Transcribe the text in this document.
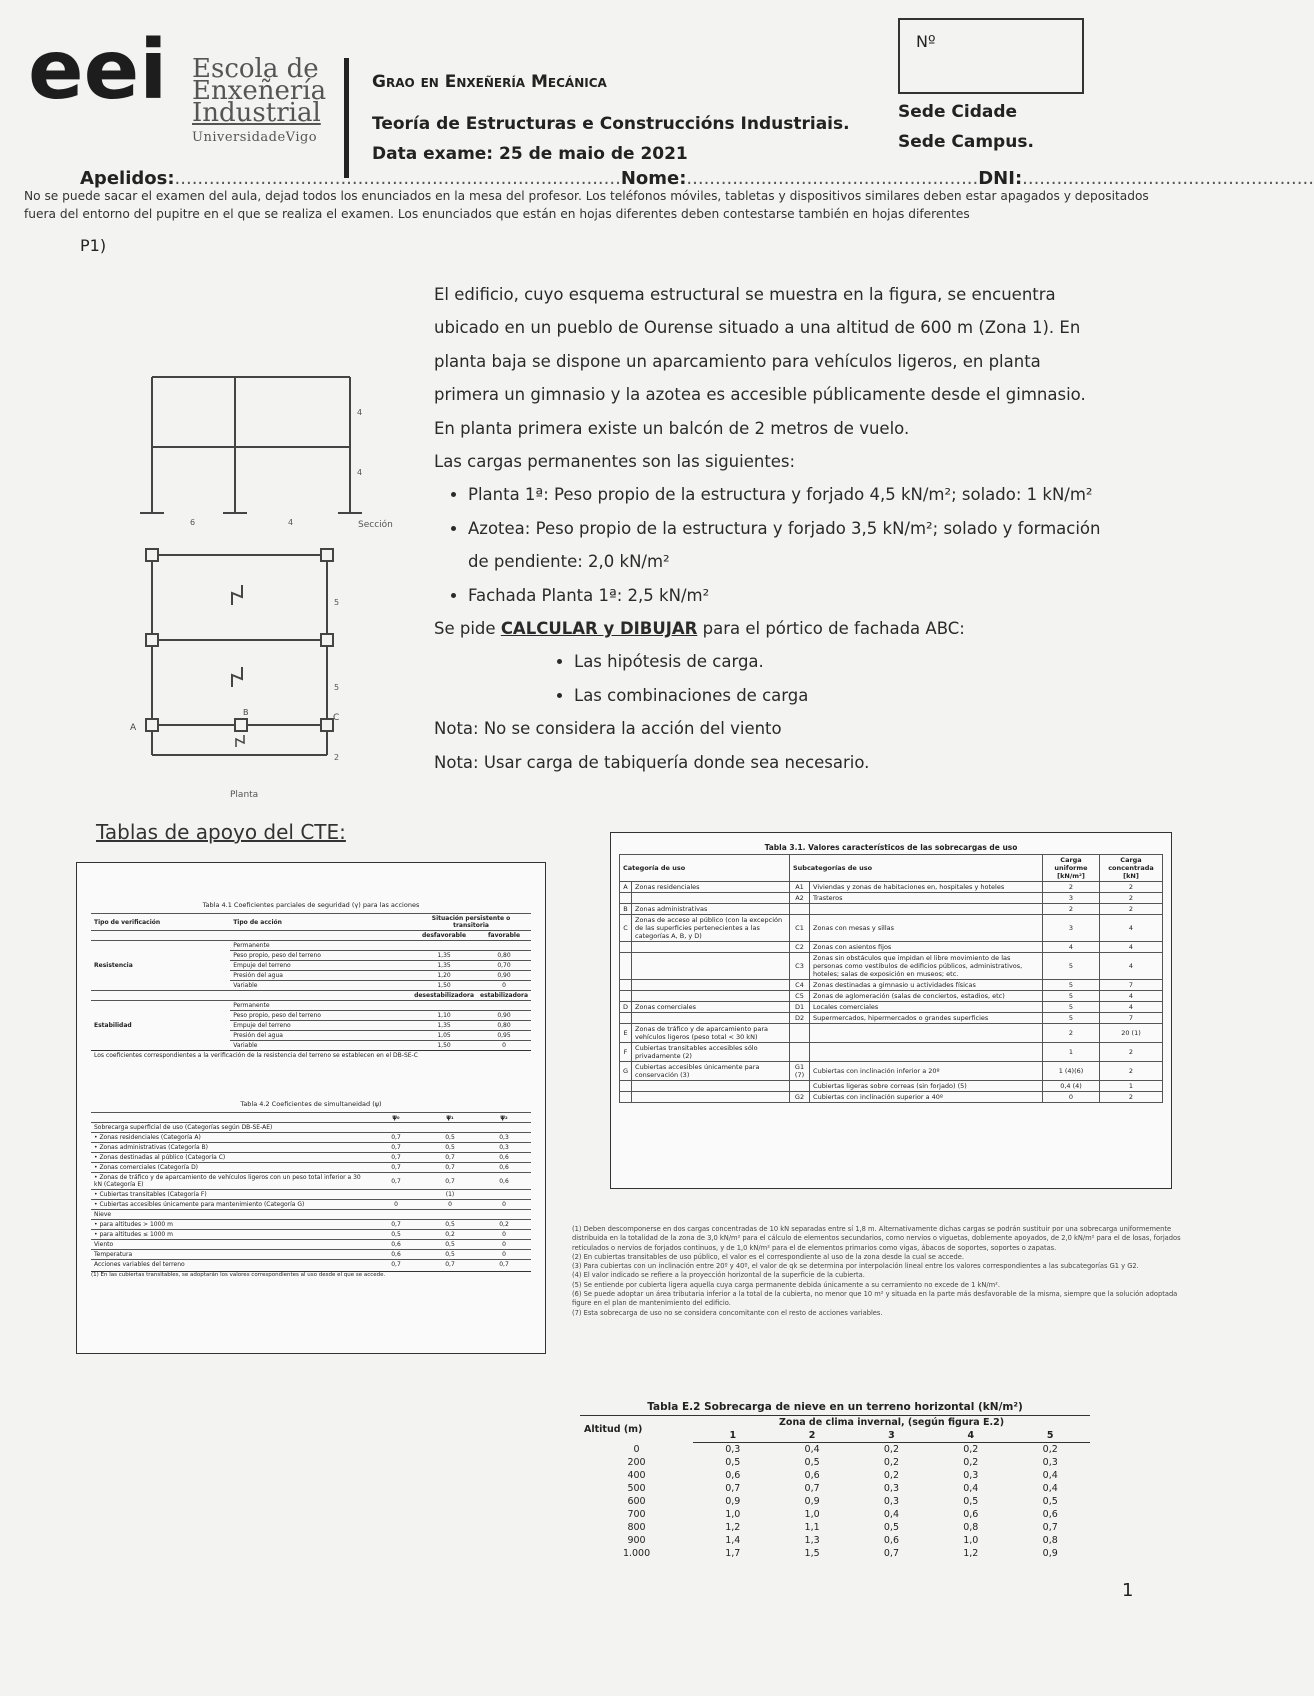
eei Escola de
Enxeñería
Industrial
UniversidadeVigo
Grao en Enxeñería Mecánica
Teoría de Estructuras e Construccións Industriais.
Data exame: 25 de maio de 2021
Sede Cidade
Sede Campus.
Nº
Apelidos:..............................................................................Nome:...................................................DNI:...................................................
No se puede sacar el examen del aula, dejad todos los enunciados en la mesa del profesor. Los teléfonos móviles, tabletas y dispositivos similares deben estar apagados y depositados fuera del entorno del pupitre en el que se realiza el examen. Los enunciados que están en hojas diferentes deben contestarse también en hojas diferentes
P1)

El edificio, cuyo esquema estructural se muestra en la figura, se encuentra ubicado en un pueblo de Ourense situado a una altitud de 600 m (Zona 1). En planta baja se dispone un aparcamiento para vehículos ligeros, en planta primera un gimnasio y la azotea es accesible públicamente desde el gimnasio. En planta primera existe un balcón de 2 metros de vuelo.

Las cargas permanentes son las siguientes:

• Planta 1ª: Peso propio de la estructura y forjado 4,5 kN/m²; solado: 1 kN/m²
• Azotea: Peso propio de la estructura y forjado 3,5 kN/m²; solado y formación de pendiente: 2,0 kN/m²
• Fachada Planta 1ª: 2,5 kN/m²

Se pide CALCULAR y DIBUJAR para el pórtico de fachada ABC:

• Las hipótesis de carga.
• Las combinaciones de carga

Nota: No se considera la acción del viento

Nota: Usar carga de tabiquería donde sea necesario.

4
4
6	4	Sección
5
5
2
A
B
C
Planta
Tablas de apoyo del CTE:
Tabla 4.1 Coeficientes parciales de seguridad (γ) para las acciones
Tipo de verificación	Tipo de acción	Situación persistente o transitoria	
		desfavorable	favorable
Resistencia	Permanente		
	Peso propio, peso del terreno	1,35	0,80
	Empuje del terreno	1,35	0,70
	Presión del agua	1,20	0,90
	Variable	1,50	0
		desestabilizadora	estabilizadora
Estabilidad	Permanente		
	Peso propio, peso del terreno	1,10	0,90
	Empuje del terreno	1,35	0,80
	Presión del agua	1,05	0,95
	Variable	1,50	0
Los coeficientes correspondientes a la verificación de la resistencia del terreno se establecen en el DB-SE-C			
Tabla 4.2 Coeficientes de simultaneidad (ψ)
	ψ₀	ψ₁	ψ₂
Sobrecarga superficial de uso (Categorías según DB-SE-AE)			
• Zonas residenciales (Categoría A)	0,7	0,5	0,3
• Zonas administrativas (Categoría B)	0,7	0,5	0,3
• Zonas destinadas al público (Categoría C)	0,7	0,7	0,6
• Zonas comerciales (Categoría D)	0,7	0,7	0,6
• Zonas de tráfico y de aparcamiento de vehículos ligeros con un peso total inferior a 30 kN (Categoría E)	0,7	0,7	0,6
• Cubiertas transitables (Categoría F)		(1)	
• Cubiertas accesibles únicamente para mantenimiento (Categoría G)	0	0	0
Nieve			
• para altitudes > 1000 m	0,7	0,5	0,2
• para altitudes ≤ 1000 m	0,5	0,2	0
Viento	0,6	0,5	0
Temperatura	0,6	0,5	0
Acciones variables del terreno	0,7	0,7	0,7
(1) En las cubiertas transitables, se adoptarán los valores correspondientes al uso desde el que se accede.
Tabla 3.1. Valores característicos de las sobrecargas de uso
Categoría de uso		Subcategorías de uso		Carga uniforme [kN/m²]	Carga concentrada [kN]
A	Zonas residenciales	A1	Viviendas y zonas de habitaciones en, hospitales y hoteles	2	2
		A2	Trasteros	3	2
B	Zonas administrativas			2	2
C	Zonas de acceso al público (con la excepción de las superficies pertenecientes a las categorías A, B, y D)	C1	Zonas con mesas y sillas	3	4
		C2	Zonas con asientos fijos	4	4
		C3	Zonas sin obstáculos que impidan el libre movimiento de las personas como vestíbulos de edificios públicos, administrativos, hoteles; salas de exposición en museos; etc.	5	4
		C4	Zonas destinadas a gimnasio u actividades físicas	5	7
		C5	Zonas de aglomeración (salas de conciertos, estadios, etc)	5	4
D	Zonas comerciales	D1	Locales comerciales	5	4
		D2	Supermercados, hipermercados o grandes superficies	5	7
E	Zonas de tráfico y de aparcamiento para vehículos ligeros (peso total < 30 kN)			2	20 (1)
F	Cubiertas transitables accesibles sólo privadamente (2)			1	2
G	Cubiertas accesibles únicamente para conservación (3)	G1 (7)	Cubiertas con inclinación inferior a 20º	1 (4)(6)	2
			Cubiertas ligeras sobre correas (sin forjado) (5)	0,4 (4)	1
		G2	Cubiertas con inclinación superior a 40º	0	2

(1) Deben descomponerse en dos cargas concentradas de 10 kN separadas entre sí 1,8 m. Alternativamente dichas cargas se podrán sustituir por una sobrecarga uniformemente distribuida en la totalidad de la zona de 3,0 kN/m² para el cálculo de elementos secundarios, como nervios o viguetas, doblemente apoyados, de 2,0 kN/m² para el de losas, forjados reticulados o nervios de forjados continuos, y de 1,0 kN/m² para el de elementos primarios como vigas, ábacos de soportes, soportes o zapatas.

(2) En cubiertas transitables de uso público, el valor es el correspondiente al uso de la zona desde la cual se accede.

(3) Para cubiertas con un inclinación entre 20º y 40º, el valor de qk se determina por interpolación lineal entre los valores correspondientes a las subcategorías G1 y G2.

(4) El valor indicado se refiere a la proyección horizontal de la superficie de la cubierta.

(5) Se entiende por cubierta ligera aquella cuya carga permanente debida únicamente a su cerramiento no excede de 1 kN/m².

(6) Se puede adoptar un área tributaria inferior a la total de la cubierta, no menor que 10 m² y situada en la parte más desfavorable de la misma, siempre que la solución adoptada figure en el plan de mantenimiento del edificio.

(7) Esta sobrecarga de uso no se considera concomitante con el resto de acciones variables.

Tabla E.2 Sobrecarga de nieve en un terreno horizontal (kN/m²)
Altitud (m)	Zona de clima invernal, (según figura E.2)				
	1	2	3	4	5
0	0,3	0,4	0,2	0,2	0,2
200	0,5	0,5	0,2	0,2	0,3
400	0,6	0,6	0,2	0,3	0,4
500	0,7	0,7	0,3	0,4	0,4
600	0,9	0,9	0,3	0,5	0,5
700	1,0	1,0	0,4	0,6	0,6
800	1,2	1,1	0,5	0,8	0,7
900	1,4	1,3	0,6	1,0	0,8
1.000	1,7	1,5	0,7	1,2	0,9
1
